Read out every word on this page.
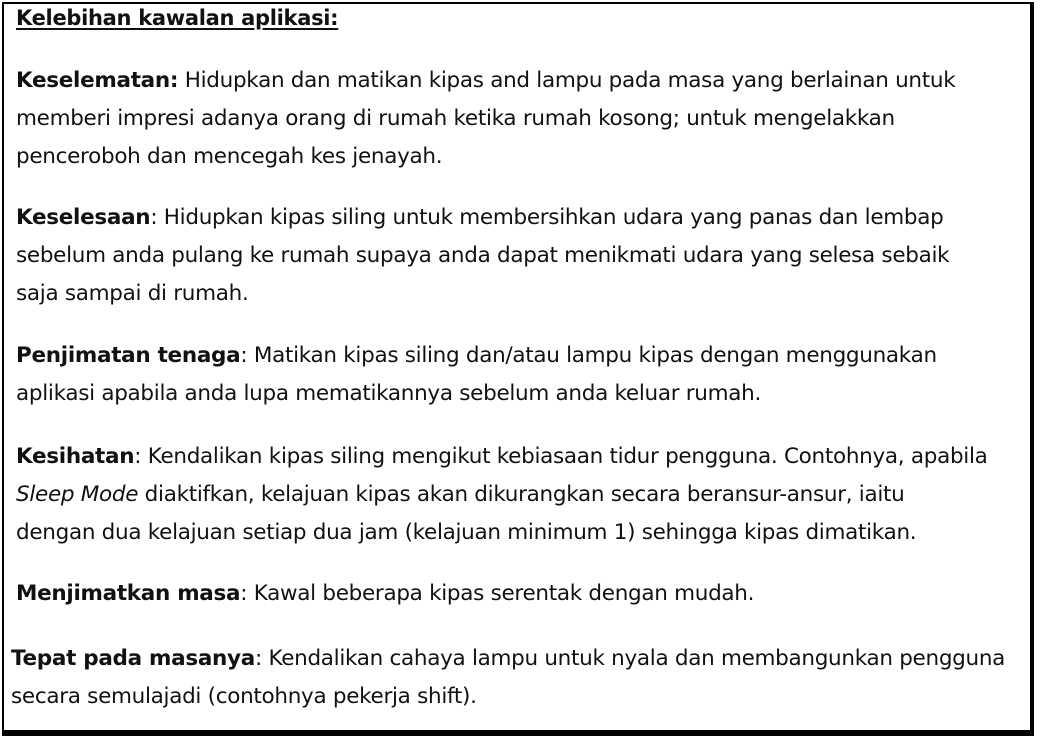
Kelebihan kawalan aplikasi:
Keselematan: Hidupkan dan matikan kipas and lampu pada masa yang berlainan untuk
memberi impresi adanya orang di rumah ketika rumah kosong; untuk mengelakkan
penceroboh dan mencegah kes jenayah.
Keselesaan: Hidupkan kipas siling untuk membersihkan udara yang panas dan lembap
sebelum anda pulang ke rumah supaya anda dapat menikmati udara yang selesa sebaik
saja sampai di rumah.
Penjimatan tenaga: Matikan kipas siling dan/atau lampu kipas dengan menggunakan
aplikasi apabila anda lupa mematikannya sebelum anda keluar rumah.
Kesihatan: Kendalikan kipas siling mengikut kebiasaan tidur pengguna. Contohnya, apabila
Sleep Mode diaktifkan, kelajuan kipas akan dikurangkan secara beransur-ansur, iaitu
dengan dua kelajuan setiap dua jam (kelajuan minimum 1) sehingga kipas dimatikan.
Menjimatkan masa: Kawal beberapa kipas serentak dengan mudah.
Tepat pada masanya: Kendalikan cahaya lampu untuk nyala dan membangunkan pengguna
secara semulajadi (contohnya pekerja shift).
